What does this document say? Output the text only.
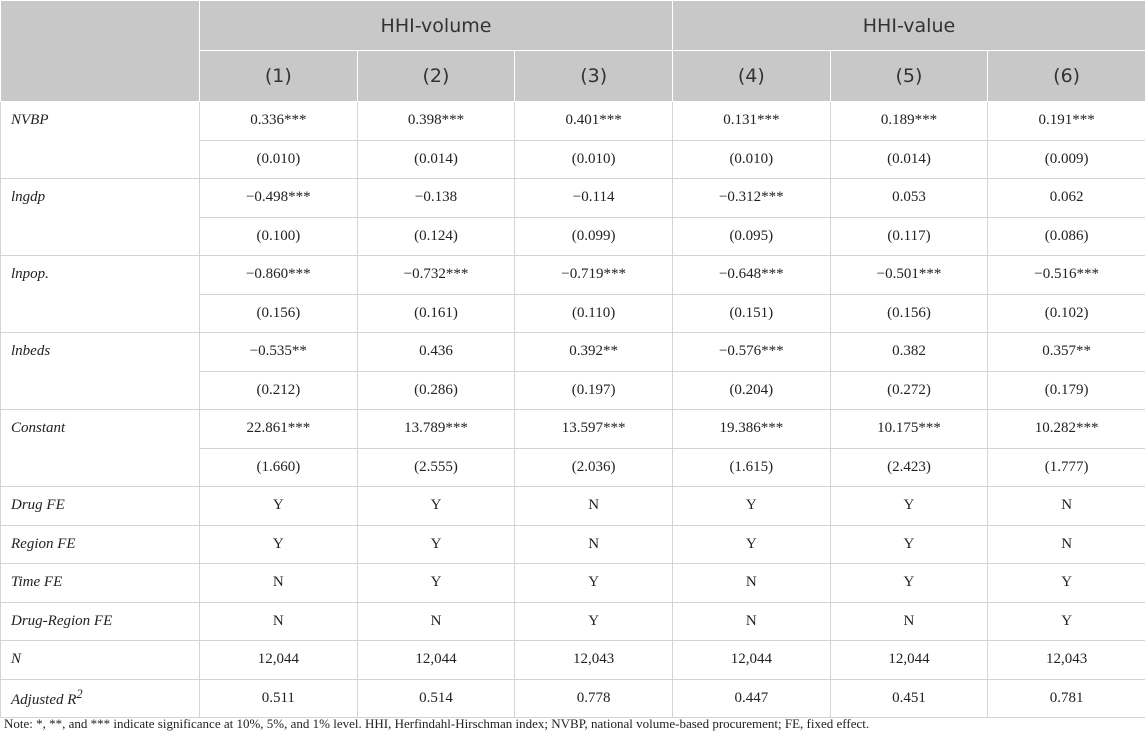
	HHI-volume			HHI-value		
	(1)	(2)	(3)	(4)	(5)	(6)
NVBP	0.336***	0.398***	0.401***	0.131***	0.189***	0.191***
	(0.010)	(0.014)	(0.010)	(0.010)	(0.014)	(0.009)
lngdp	−0.498***	−0.138	−0.114	−0.312***	0.053	0.062
	(0.100)	(0.124)	(0.099)	(0.095)	(0.117)	(0.086)
lnpop.	−0.860***	−0.732***	−0.719***	−0.648***	−0.501***	−0.516***
	(0.156)	(0.161)	(0.110)	(0.151)	(0.156)	(0.102)
lnbeds	−0.535**	0.436	0.392**	−0.576***	0.382	0.357**
	(0.212)	(0.286)	(0.197)	(0.204)	(0.272)	(0.179)
Constant	22.861***	13.789***	13.597***	19.386***	10.175***	10.282***
	(1.660)	(2.555)	(2.036)	(1.615)	(2.423)	(1.777)
Drug FE	Y	Y	N	Y	Y	N
Region FE	Y	Y	N	Y	Y	N
Time FE	N	Y	Y	N	Y	Y
Drug-Region FE	N	N	Y	N	N	Y
N	12,044	12,044	12,043	12,044	12,044	12,043
Adjusted $R^2$	0.511	0.514	0.778	0.447	0.451	0.781
Note: *, **, and *** indicate significance at 10%, 5%, and 1% level. HHI, Herfindahl-Hirschman index; NVBP, national volume-based procurement; FE, fixed effect.
